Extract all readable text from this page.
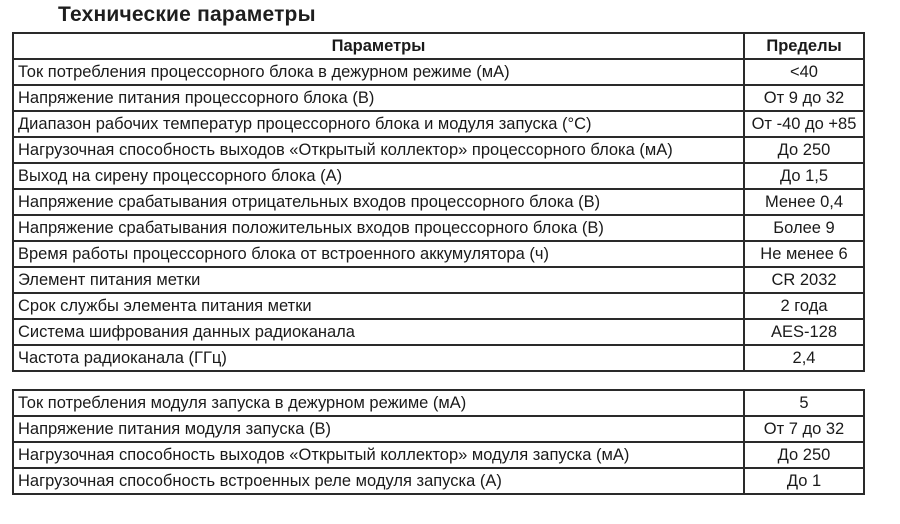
Технические параметры
Параметры	Пределы
Ток потребления процессорного блока в дежурном режиме (мА)	<40
Напряжение питания процессорного блока (В)	От 9 до 32
Диапазон рабочих температур процессорного блока и модуля запуска (°С)	От -40 до +85
Нагрузочная способность выходов «Открытый коллектор» процессорного блока (мА)	До 250
Выход на сирену процессорного блока (А)	До 1,5
Напряжение срабатывания отрицательных входов процессорного блока (В)	Менее 0,4
Напряжение срабатывания положительных входов процессорного блока (В)	Более 9
Время работы процессорного блока от встроенного аккумулятора (ч)	Не менее 6
Элемент питания метки	CR 2032
Срок службы элемента питания метки	2 года
Система шифрования данных радиоканала	AES-128
Частота радиоканала (ГГц)	2,4
Ток потребления модуля запуска в дежурном режиме (мА)	5
Напряжение питания модуля запуска (В)	От 7 до 32
Нагрузочная способность выходов «Открытый коллектор» модуля запуска (мА)	До 250
Нагрузочная способность встроенных реле модуля запуска (А)	До 1
